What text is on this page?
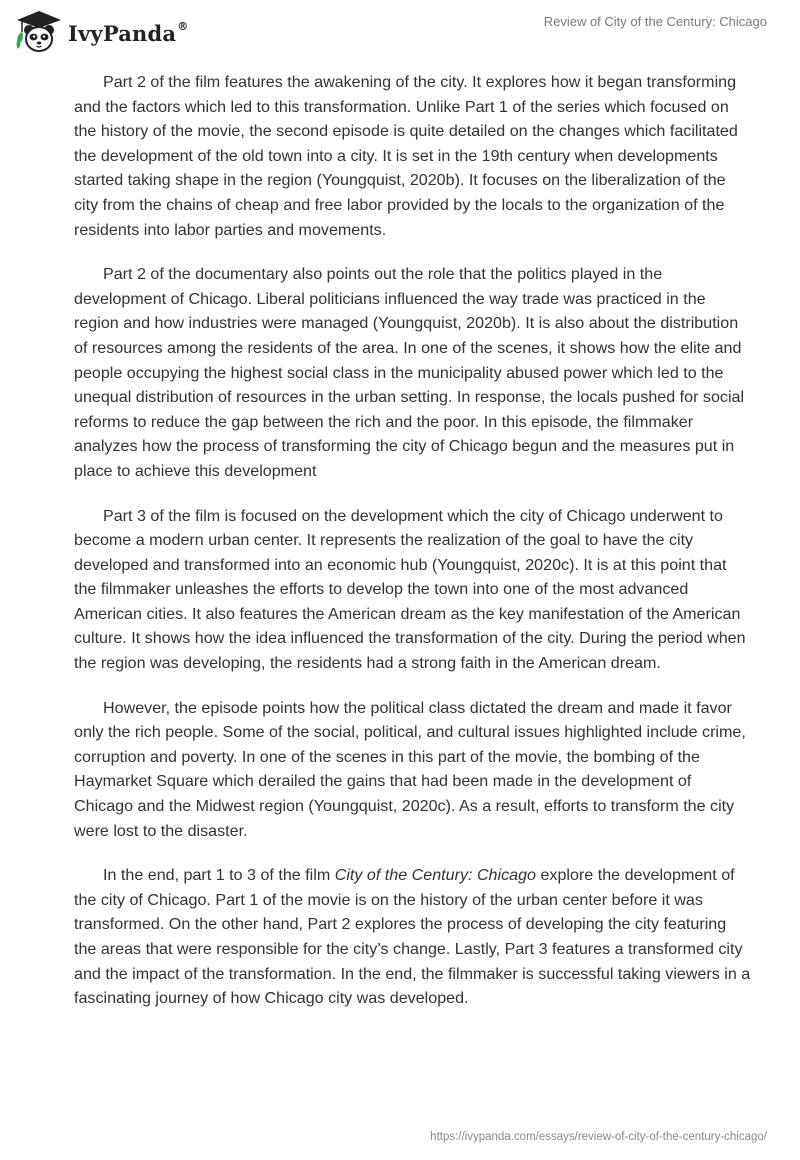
IvyPanda®	Review of City of the Century: Chicago

Part 2 of the film features the awakening of the city. It explores how it began transforming and the factors which led to this transformation. Unlike Part 1 of the series which focused on the history of the movie, the second episode is quite detailed on the changes which facilitated the development of the old town into a city. It is set in the 19th century when developments started taking shape in the region (Youngquist, 2020b). It focuses on the liberalization of the city from the chains of cheap and free labor provided by the locals to the organization of the residents into labor parties and movements.

Part 2 of the documentary also points out the role that the politics played in the development of Chicago. Liberal politicians influenced the way trade was practiced in the region and how industries were managed (Youngquist, 2020b). It is also about the distribution of resources among the residents of the area. In one of the scenes, it shows how the elite and people occupying the highest social class in the municipality abused power which led to the unequal distribution of resources in the urban setting. In response, the locals pushed for social reforms to reduce the gap between the rich and the poor. In this episode, the filmmaker analyzes how the process of transforming the city of Chicago begun and the measures put in place to achieve this development

Part 3 of the film is focused on the development which the city of Chicago underwent to become a modern urban center. It represents the realization of the goal to have the city developed and transformed into an economic hub (Youngquist, 2020c). It is at this point that the filmmaker unleashes the efforts to develop the town into one of the most advanced American cities. It also features the American dream as the key manifestation of the American culture. It shows how the idea influenced the transformation of the city. During the period when the region was developing, the residents had a strong faith in the American dream.

However, the episode points how the political class dictated the dream and made it favor only the rich people. Some of the social, political, and cultural issues highlighted include crime, corruption and poverty. In one of the scenes in this part of the movie, the bombing of the Haymarket Square which derailed the gains that had been made in the development of Chicago and the Midwest region (Youngquist, 2020c). As a result, efforts to transform the city were lost to the disaster.

In the end, part 1 to 3 of the film City of the Century: Chicago explore the development of the city of Chicago. Part 1 of the movie is on the history of the urban center before it was transformed. On the other hand, Part 2 explores the process of developing the city featuring the areas that were responsible for the city’s change. Lastly, Part 3 features a transformed city and the impact of the transformation. In the end, the filmmaker is successful taking viewers in a fascinating journey of how Chicago city was developed.

https://ivypanda.com/essays/review-of-city-of-the-century-chicago/
